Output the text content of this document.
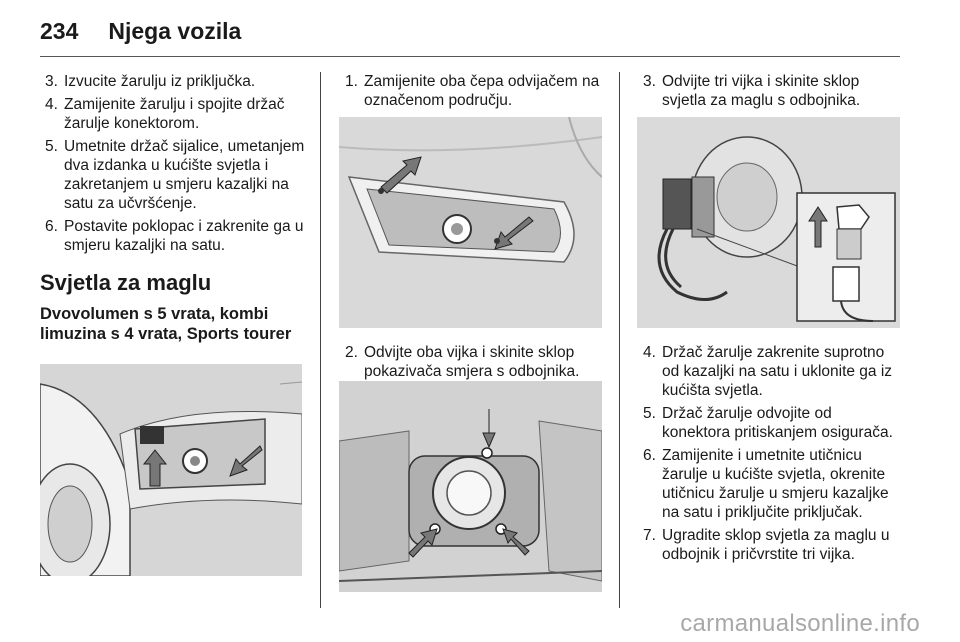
234 Njega vozila
3. Izvucite žarulju iz priključka.
4. Zamijenite žarulju i spojite držač žarulje konektorom.
5. Umetnite držač sijalice, umetanjem dva izdanka u kućište svjetla i zakretanjem u smjeru kazaljki na satu za učvršćenje.
6. Postavite poklopac i zakrenite ga u smjeru kazaljki na satu.
Svjetla za maglu
Dvovolumen s 5 vrata, kombi limuzina s 4 vrata, Sports tourer
1. Zamijenite oba čepa odvijačem na označenom području.
2. Odvijte oba vijka i skinite sklop pokazivača smjera s odbojnika.
3. Odvijte tri vijka i skinite sklop svjetla za maglu s odbojnika.
4. Držač žarulje zakrenite suprotno od kazaljki na satu i uklonite ga iz kućišta svjetla.
5. Držač žarulje odvojite od konektora pritiskanjem osigurača.
6. Zamijenite i umetnite utičnicu žarulje u kućište svjetla, okrenite utičnicu žarulje u smjeru kazaljke na satu i priključite priključak.
7. Ugradite sklop svjetla za maglu u odbojnik i pričvrstite tri vijka.
carmanualsonline.info
